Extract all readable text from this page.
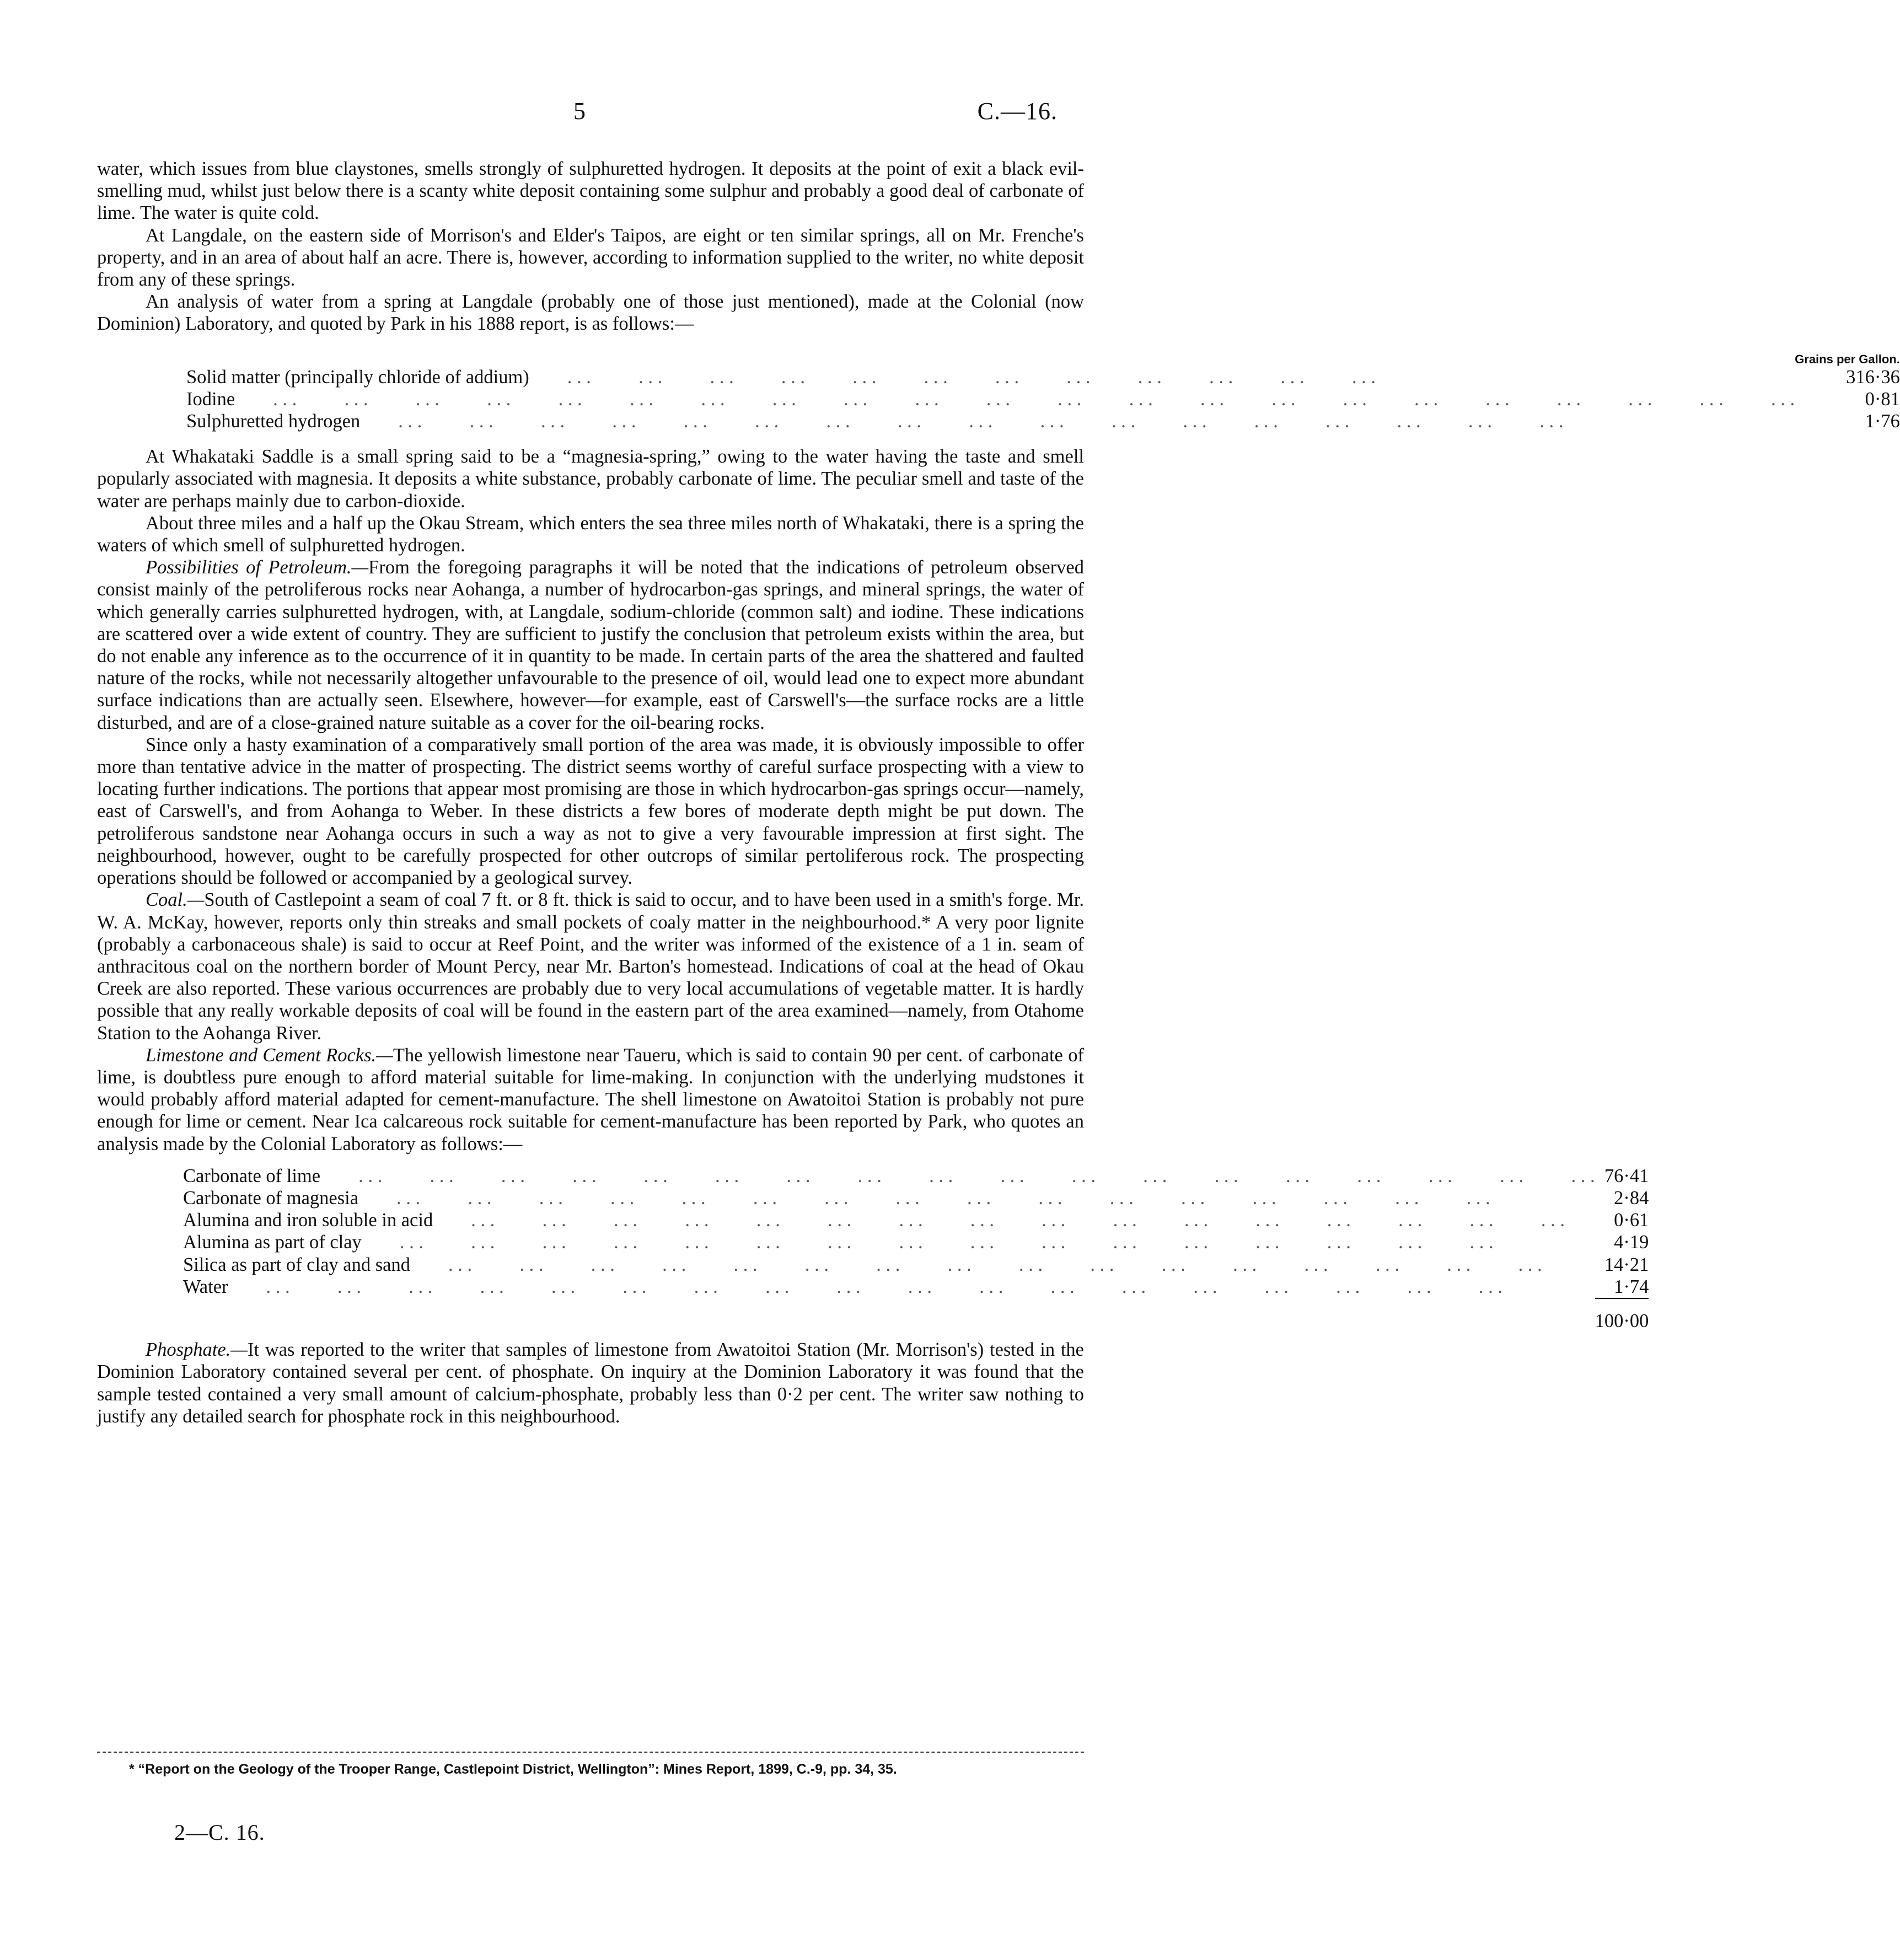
5	C.—16.

water, which issues from blue claystones, smells strongly of sulphuretted hydrogen. It deposits at the point of exit a black evil-smelling mud, whilst just below there is a scanty white deposit containing some sulphur and probably a good deal of carbonate of lime. The water is quite cold.

At Langdale, on the eastern side of Morrison's and Elder's Taipos, are eight or ten similar springs, all on Mr. Frenche's property, and in an area of about half an acre. There is, however, according to information supplied to the writer, no white deposit from any of these springs.

An analysis of water from a spring at Langdale (probably one of those just mentioned), made at the Colonial (now Dominion) Laboratory, and quoted by Park in his 1888 report, is as follows:—

	Grains per Gallon.
Solid matter (principally chloride of addium)        . . .          . . .          . . .          . . .          . . .          . . .          . . .          . . .          . . .          . . .          . . .          . . .	316·36
Iodine        . . .          . . .          . . .          . . .          . . .          . . .          . . .          . . .          . . .          . . .          . . .          . . .          . . .          . . .          . . .          . . .          . . .          . . .          . . .          . . .          . . .          . . .	0·81
Sulphuretted hydrogen        . . .          . . .          . . .          . . .          . . .          . . .          . . .          . . .          . . .          . . .          . . .          . . .          . . .          . . .          . . .          . . .          . . .	1·76

At Whakataki Saddle is a small spring said to be a “magnesia-spring,” owing to the water having the taste and smell popularly associated with magnesia. It deposits a white substance, probably carbonate of lime. The peculiar smell and taste of the water are perhaps mainly due to carbon-dioxide.

About three miles and a half up the Okau Stream, which enters the sea three miles north of Whakataki, there is a spring the waters of which smell of sulphuretted hydrogen.

Possibilities of Petroleum.—From the foregoing paragraphs it will be noted that the indications of petroleum observed consist mainly of the petroliferous rocks near Aohanga, a number of hydrocarbon-gas springs, and mineral springs, the water of which generally carries sulphuretted hydrogen, with, at Langdale, sodium-chloride (common salt) and iodine. These indications are scattered over a wide extent of country. They are sufficient to justify the conclusion that petroleum exists within the area, but do not enable any inference as to the occurrence of it in quantity to be made. In certain parts of the area the shattered and faulted nature of the rocks, while not necessarily altogether unfavourable to the presence of oil, would lead one to expect more abundant surface indications than are actually seen. Elsewhere, however—for example, east of Carswell's—the surface rocks are a little disturbed, and are of a close-grained nature suitable as a cover for the oil-bearing rocks.

Since only a hasty examination of a comparatively small portion of the area was made, it is obviously impossible to offer more than tentative advice in the matter of prospecting. The district seems worthy of careful surface prospecting with a view to locating further indications. The portions that appear most promising are those in which hydrocarbon-gas springs occur—namely, east of Carswell's, and from Aohanga to Weber. In these districts a few bores of moderate depth might be put down. The petroliferous sandstone near Aohanga occurs in such a way as not to give a very favourable impression at first sight. The neighbourhood, however, ought to be carefully prospected for other outcrops of similar pertoliferous rock. The prospecting operations should be followed or accompanied by a geological survey.

Coal.—South of Castlepoint a seam of coal 7 ft. or 8 ft. thick is said to occur, and to have been used in a smith's forge. Mr. W. A. McKay, however, reports only thin streaks and small pockets of coaly matter in the neighbourhood.* A very poor lignite (probably a carbonaceous shale) is said to occur at Reef Point, and the writer was informed of the existence of a 1 in. seam of anthracitous coal on the northern border of Mount Percy, near Mr. Barton's homestead. Indications of coal at the head of Okau Creek are also reported. These various occurrences are probably due to very local accumulations of vegetable matter. It is hardly possible that any really workable deposits of coal will be found in the eastern part of the area examined—namely, from Otahome Station to the Aohanga River.

Limestone and Cement Rocks.—The yellowish limestone near Taueru, which is said to contain 90 per cent. of carbonate of lime, is doubtless pure enough to afford material suitable for lime-making. In conjunction with the underlying mudstones it would probably afford material adapted for cement-manufacture. The shell limestone on Awatoitoi Station is probably not pure enough for lime or cement. Near Ica calcareous rock suitable for cement-manufacture has been reported by Park, who quotes an analysis made by the Colonial Laboratory as follows:—

Carbonate of lime        . . .          . . .          . . .          . . .          . . .          . . .          . . .          . . .          . . .          . . .          . . .          . . .          . . .          . . .          . . .          . . .          . . .          . . .	76·41
Carbonate of magnesia        . . .          . . .          . . .          . . .          . . .          . . .          . . .          . . .          . . .          . . .          . . .          . . .          . . .          . . .          . . .          . . .	2·84
Alumina and iron soluble in acid        . . .          . . .          . . .          . . .          . . .          . . .          . . .          . . .          . . .          . . .          . . .          . . .          . . .          . . .          . . .          . . .	0·61
Alumina as part of clay        . . .          . . .          . . .          . . .          . . .          . . .          . . .          . . .          . . .          . . .          . . .          . . .          . . .          . . .          . . .          . . .	4·19
Silica as part of clay and sand        . . .          . . .          . . .          . . .          . . .          . . .          . . .          . . .          . . .          . . .          . . .          . . .          . . .          . . .          . . .          . . .	14·21
Water        . . .          . . .          . . .          . . .          . . .          . . .          . . .          . . .          . . .          . . .          . . .          . . .          . . .          . . .          . . .          . . .          . . .          . . .	1·74
	100·00

Phosphate.—It was reported to the writer that samples of limestone from Awatoitoi Station (Mr. Morrison's) tested in the Dominion Laboratory contained several per cent. of phosphate. On inquiry at the Dominion Laboratory it was found that the sample tested contained a very small amount of calcium-phosphate, probably less than 0·2 per cent. The writer saw nothing to justify any detailed search for phosphate rock in this neighbourhood.

* “Report on the Geology of the Trooper Range, Castlepoint District, Wellington”: Mines Report, 1899, C.-9, pp. 34, 35.
2—C. 16.
